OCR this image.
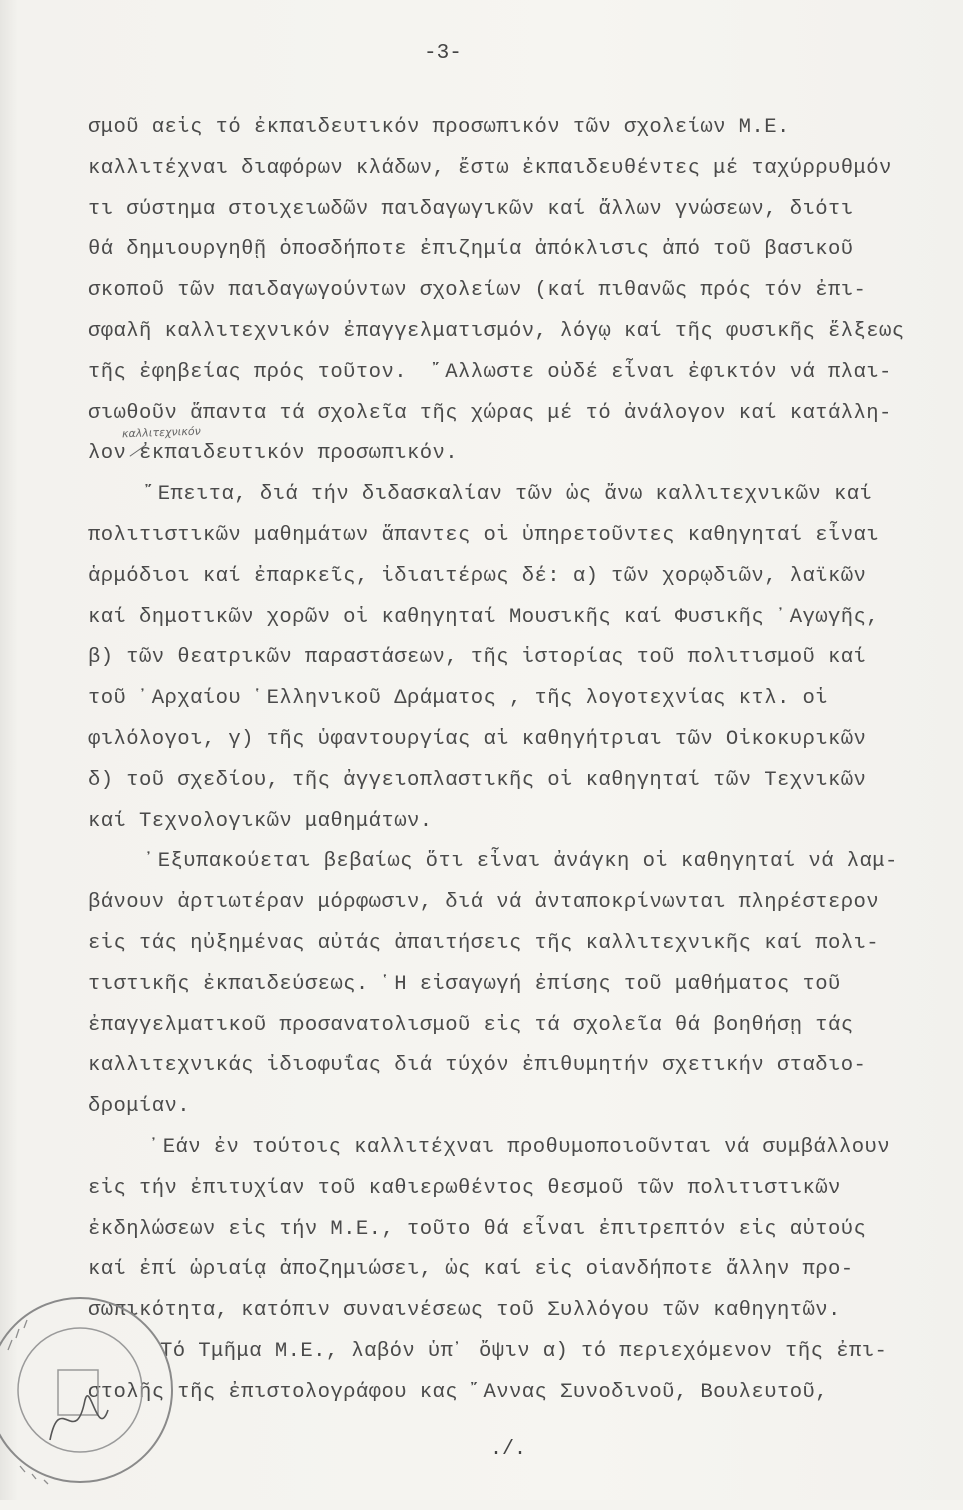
-3-
σμοῦ αεἱς τό ἐκπαιδευτικόν προσωπικόν τῶν σχολείων Μ.Ε.
καλλιτέχναι διαφόρων κλάδων, ἔστω ἐκπαιδευθέντες μέ ταχύρρυθμόν
τι σύστημα στοιχειωδῶν παιδαγωγικῶν καί ἄλλων γνώσεων, διότι
θά δημιουργηθῇ ὁποσδήποτε ἐπιζημία ἀπόκλισις ἀπό τοῦ βασικοῦ
σκοποῦ τῶν παιδαγωγούντων σχολείων (καί πιθανῶς πρός τόν ἐπι-
σφαλῆ καλλιτεχνικόν ἐπαγγελματισμόν, λόγῳ καί τῆς φυσικῆς ἕλξεως
τῆς ἐφηβείας πρός τοῦτον.  ῎Αλλωστε οὐδέ εἶναι ἐφικτόν νά πλαι-
σιωθοῦν ἅπαντα τά σχολεῖα τῆς χώρας μέ τό ἀνάλογον καί κατάλλη-
λον ἐκπαιδευτικόν προσωπικόν.
῎Επειτα, διά τήν διδασκαλίαν τῶν ὡς ἄνω καλλιτεχνικῶν καί
πολιτιστικῶν μαθημάτων ἅπαντες οἱ ὑπηρετοῦντες καθηγηταί εἶναι
ἁρμόδιοι καί ἐπαρκεῖς, ἰδιαιτέρως δέ: α) τῶν χορῳδιῶν, λαϊκῶν
καί δημοτικῶν χορῶν οἱ καθηγηταί Μουσικῆς καί Φυσικῆς ᾿Αγωγῆς,
β) τῶν θεατρικῶν παραστάσεων, τῆς ἱστορίας τοῦ πολιτισμοῦ καί
τοῦ ᾿Αρχαίου ῾Ελληνικοῦ Δράματος , τῆς λογοτεχνίας κτλ. οἱ
φιλόλογοι, γ) τῆς ὑφαντουργίας αἱ καθηγήτριαι τῶν Οἰκοκυρικῶν
δ) τοῦ σχεδίου, τῆς ἀγγειοπλαστικῆς οἱ καθηγηταί τῶν Τεχνικῶν
καί Τεχνολογικῶν μαθημάτων.
᾿Εξυπακούεται βεβαίως ὅτι εἶναι ἀνάγκη οἱ καθηγηταί νά λαμ-
βάνουν ἀρτιωτέραν μόρφωσιν, διά νά ἀνταποκρίνωνται πληρέστερον
εἰς τάς ηὐξημένας αὐτάς ἀπαιτήσεις τῆς καλλιτεχνικῆς καί πολι-
τιστικῆς ἐκπαιδεύσεως. ῾Η εἰσαγωγή ἐπίσης τοῦ μαθήματος τοῦ
ἐπαγγελματικοῦ προσανατολισμοῦ εἰς τά σχολεῖα θά βοηθήσῃ τάς
καλλιτεχνικάς ἰδιοφυΐας διά τύχόν ἐπιθυμητήν σχετικήν σταδιο-
δρομίαν.
᾿Εάν ἐν τούτοις καλλιτέχναι προθυμοποιοῦνται νά συμβάλλουν
εἰς τήν ἐπιτυχίαν τοῦ καθιερωθέντος θεσμοῦ τῶν πολιτιστικῶν
ἐκδηλώσεων εἰς τήν Μ.Ε., τοῦτο θά εἶναι ἐπιτρεπτόν εἰς αὐτούς
καί ἐπί ὡριαίᾳ ἀποζημιώσει, ὡς καί εἰς οἱανδήποτε ἄλλην προ-
σωπικότητα, κατόπιν συναινέσεως τοῦ Συλλόγου τῶν καθηγητῶν.
Τό Τμῆμα Μ.Ε., λαβόν ὑπ᾿ ὄψιν α) τό περιεχόμενον τῆς ἐπι-
στολῆς τῆς ἐπιστολογράφου κας ῎Αννας Συνοδινοῦ, Βουλευτοῦ,
καλλιτεχνικόν
./.
